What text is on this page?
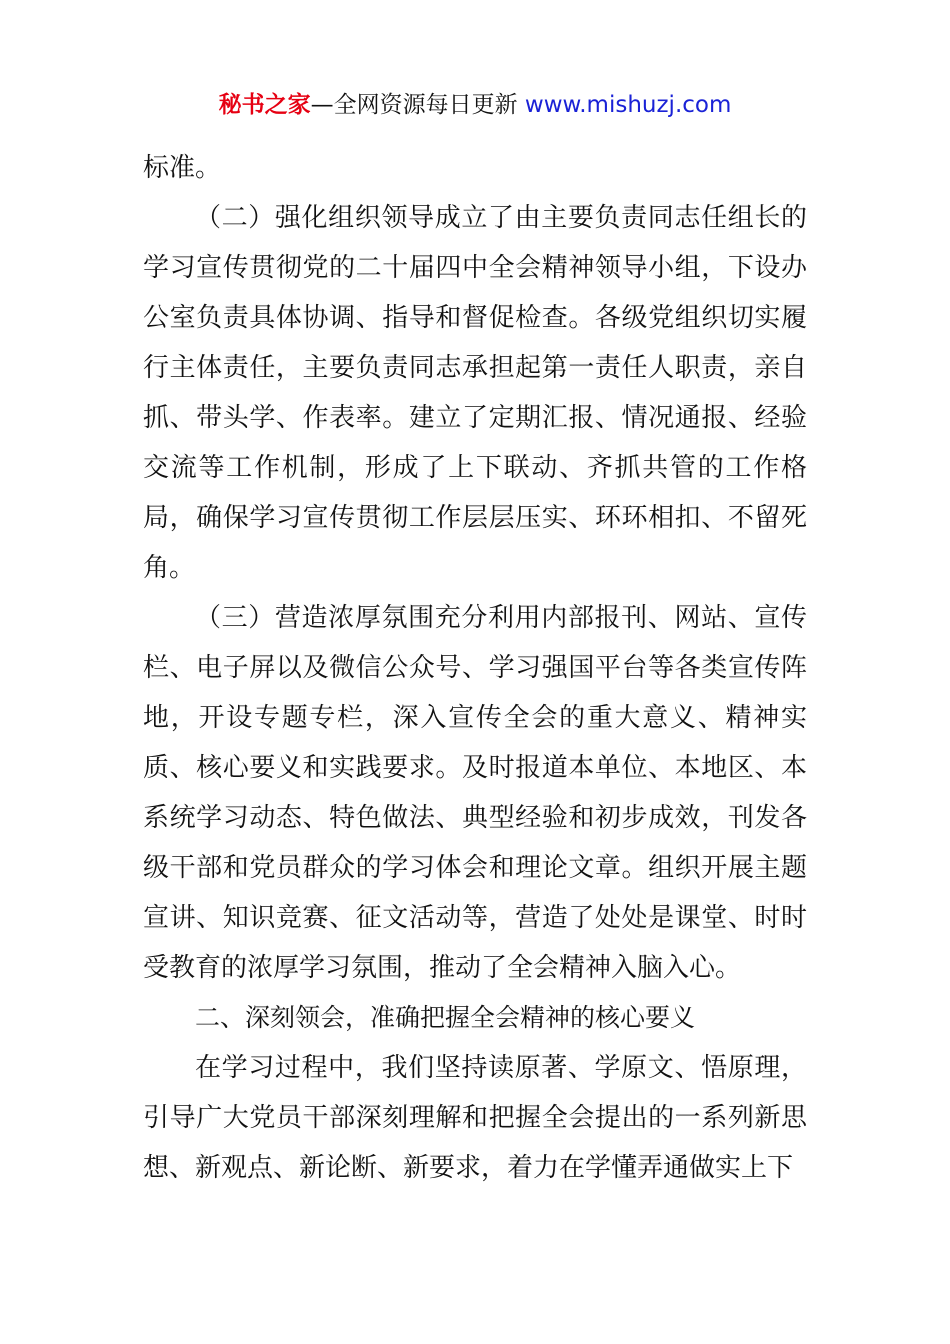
秘书之家—全网资源每日更新 www.mishuzj.com

标准。

（二）强化组织领导成立了由主要负责同志任组长的学习宣传贯彻党的二十届四中全会精神领导小组，下设办公室负责具体协调、指导和督促检查。各级党组织切实履行主体责任，主要负责同志承担起第一责任人职责，亲自抓、带头学、作表率。建立了定期汇报、情况通报、经验交流等工作机制，形成了上下联动、齐抓共管的工作格局，确保学习宣传贯彻工作层层压实、环环相扣、不留死角。

（三）营造浓厚氛围充分利用内部报刊、网站、宣传栏、电子屏以及微信公众号、学习强国平台等各类宣传阵地，开设专题专栏，深入宣传全会的重大意义、精神实质、核心要义和实践要求。及时报道本单位、本地区、本系统学习动态、特色做法、典型经验和初步成效，刊发各级干部和党员群众的学习体会和理论文章。组织开展主题宣讲、知识竞赛、征文活动等，营造了处处是课堂、时时受教育的浓厚学习氛围，推动了全会精神入脑入心。

二、深刻领会，准确把握全会精神的核心要义

在学习过程中，我们坚持读原著、学原文、悟原理，引导广大党员干部深刻理解和把握全会提出的一系列新思想、新观点、新论断、新要求，着力在学懂弄通做实上下
